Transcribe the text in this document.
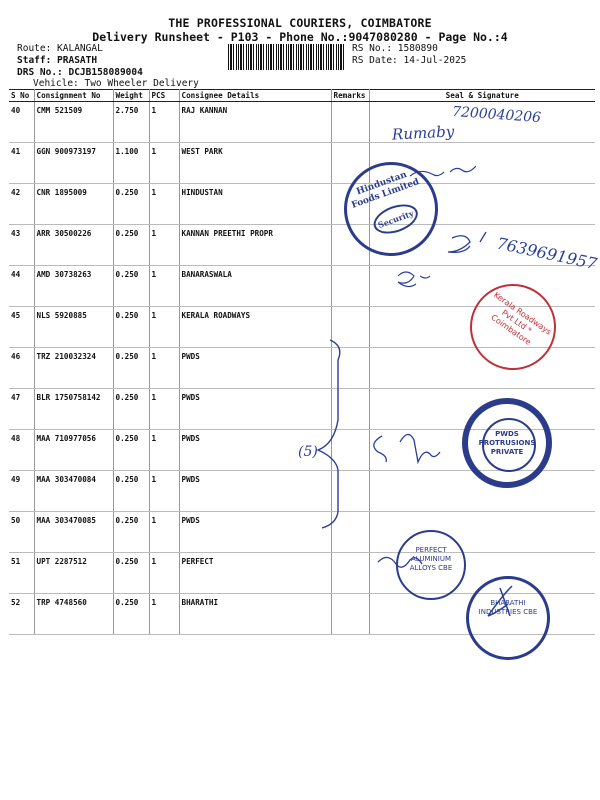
THE PROFESSIONAL COURIERS, COIMBATORE
Delivery Runsheet - P103 - Phone No.:9047080280 - Page No.:4
Route: KALANGAL
Staff: PRASATH
DRS No.: DCJB158089004
Vehicle: Two Wheeler Delivery
RS No.: 1580890
RS Date: 14-Jul-2025
S No	Consignment No	Weight	PCS	Consignee Details	Remarks	Seal & Signature
40	CMM 521509	2.750	1	RAJ KANNAN		
41	GGN 900973197	1.100	1	WEST PARK		
42	CNR 1895009	0.250	1	HINDUSTAN		
43	ARR 30500226	0.250	1	KANNAN PREETHI PROPR		
44	AMD 30738263	0.250	1	BANARASWALA		
45	NLS 5920885	0.250	1	KERALA ROADWAYS		
46	TRZ 210032324	0.250	1	PWDS		
47	BLR 1750758142	0.250	1	PWDS		
48	MAA 710977056	0.250	1	PWDS		
49	MAA 303470084	0.250	1	PWDS		
50	MAA 303470085	0.250	1	PWDS		
51	UPT 2287512	0.250	1	PERFECT		
52	TRP 4748560	0.250	1	BHARATHI		
7200040206
Rumaby
7639691957
(5)
Hindustan Foods Limited
Security
Kerala Roadways Pvt Ltd * Coimbatore
PWDS PROTRUSIONS PRIVATE
PERFECT ALUMINIUM ALLOYS CBE
BHARATHI INDUSTRIES CBE
